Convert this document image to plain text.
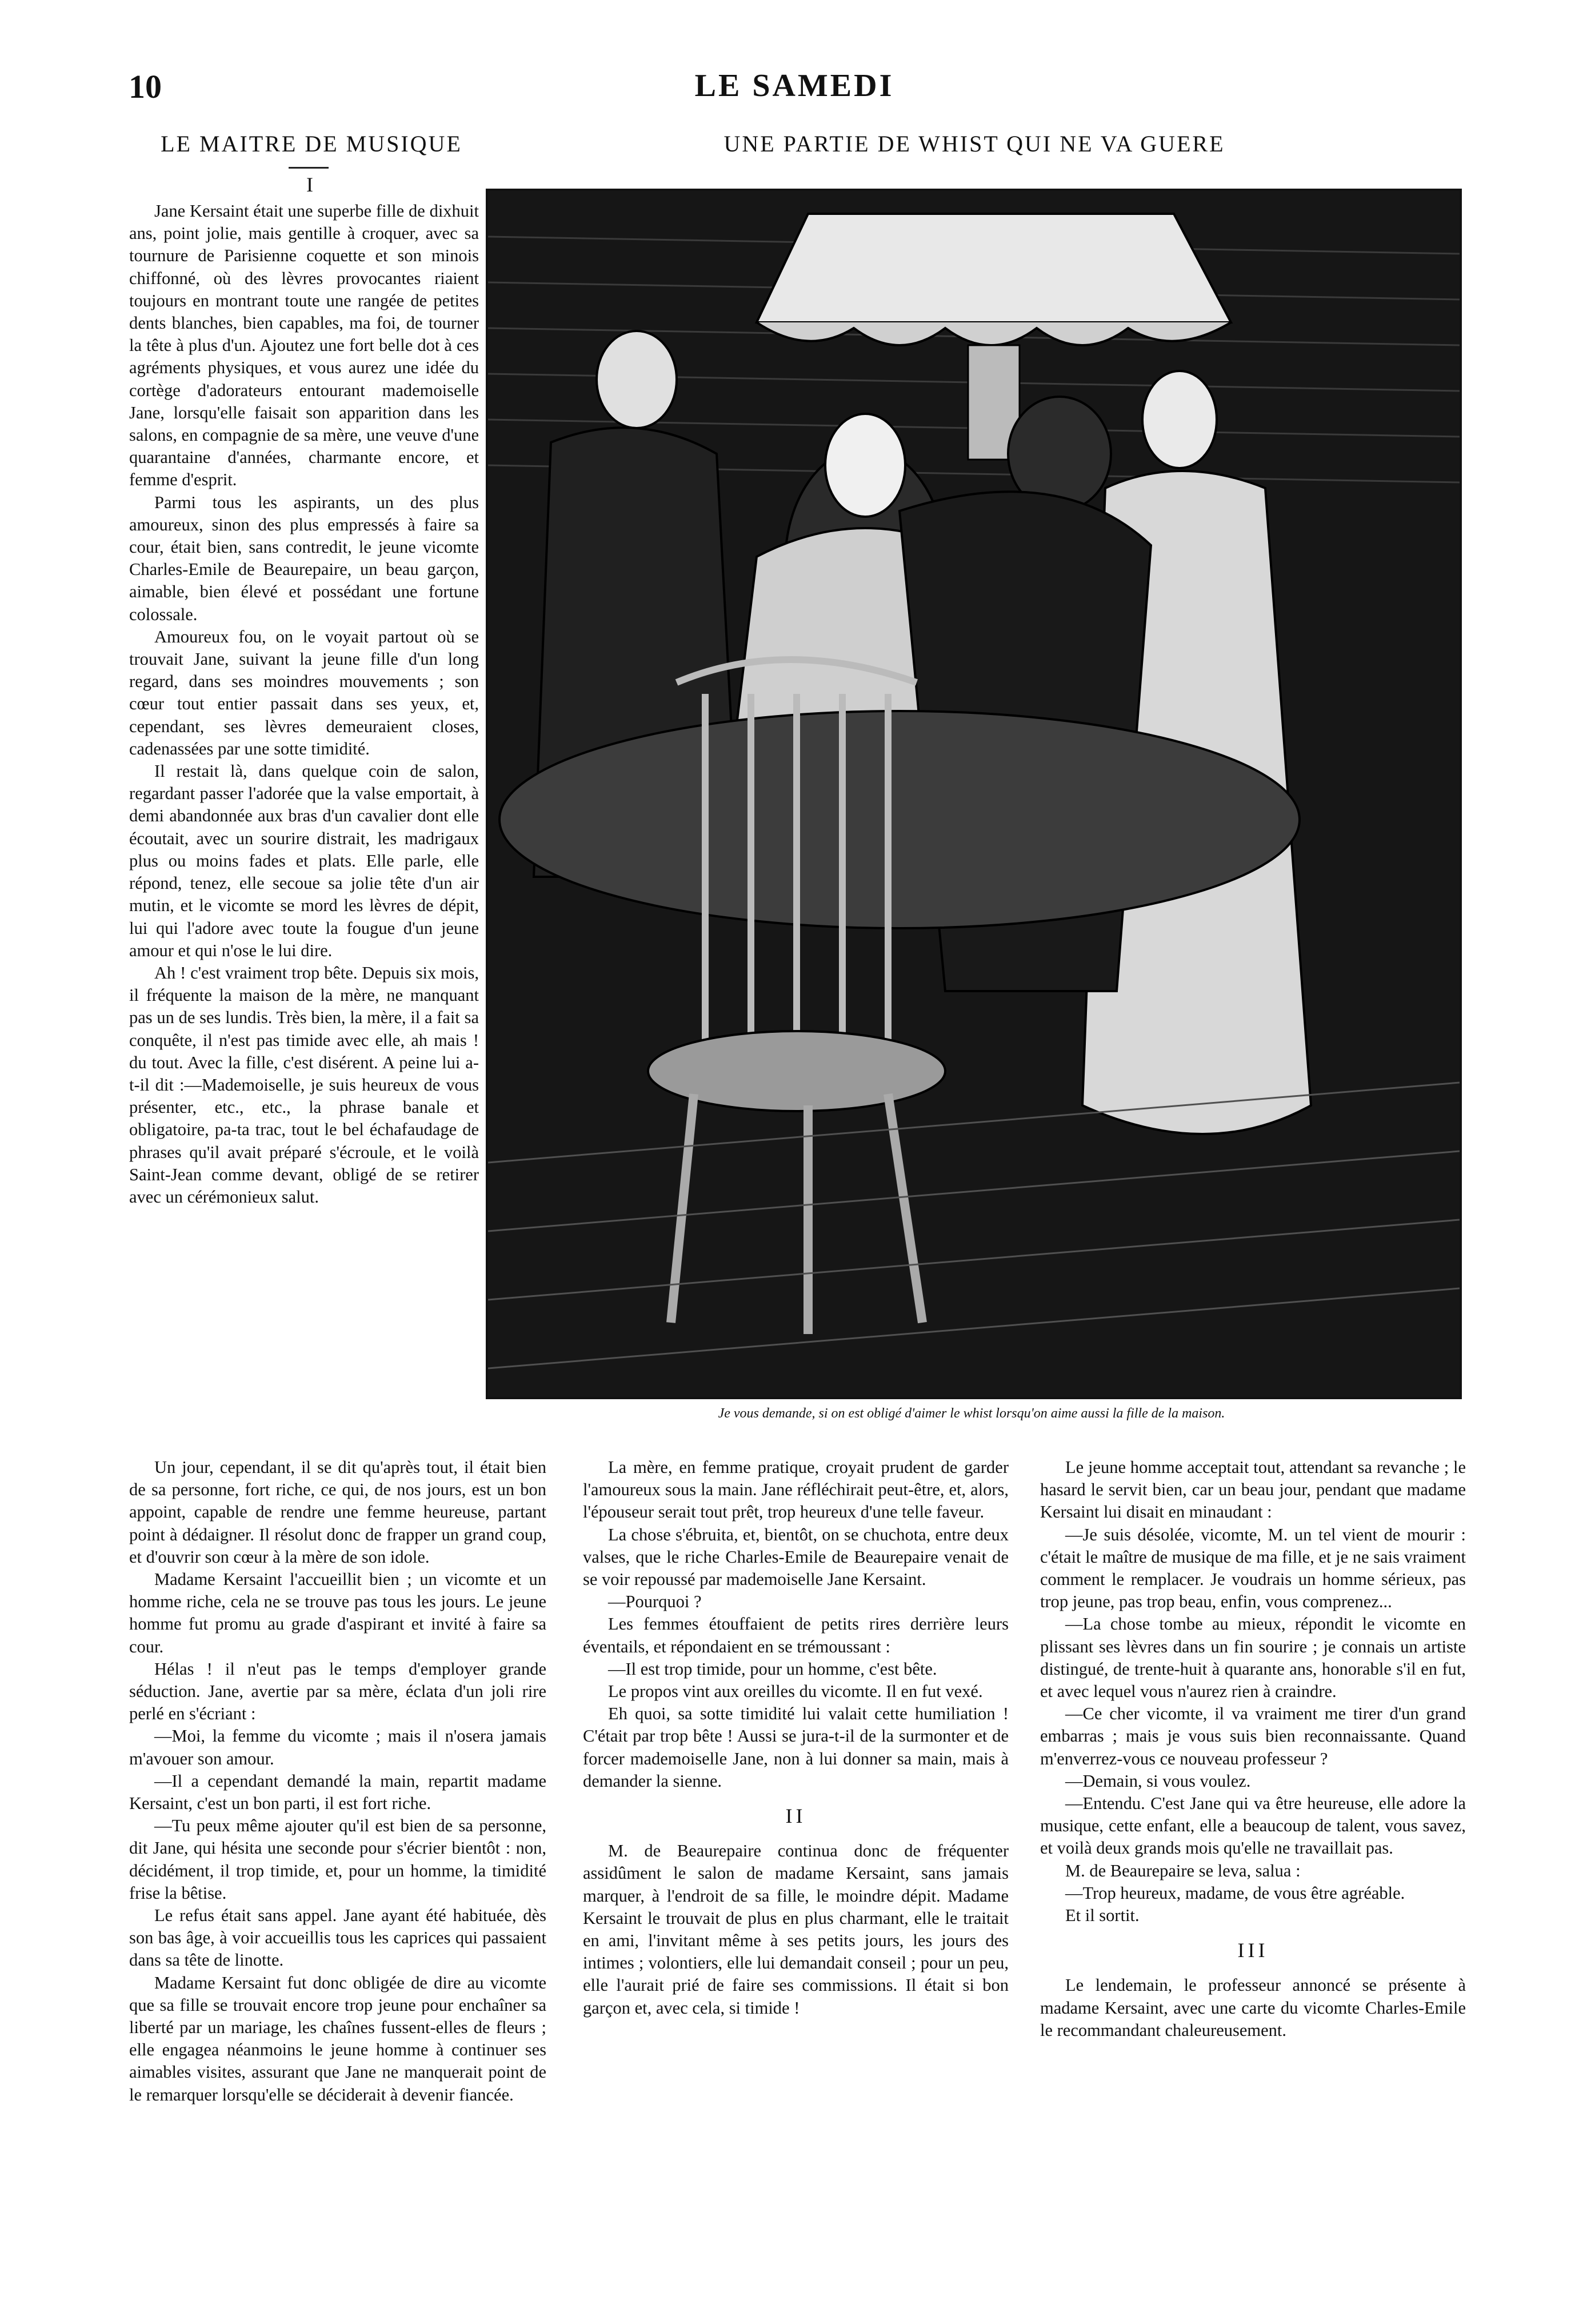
10	LE SAMEDI
LE MAITRE DE MUSIQUE
I
UNE PARTIE DE WHIST QUI NE VA GUERE
Je vous demande, si on est obligé d'aimer le whist lorsqu'on aime aussi la fille de la maison.

Jane Kersaint était une superbe fille de dixhuit ans, point jolie, mais gentille à croquer, avec sa tournure de Parisienne coquette et son minois chiffonné, où des lèvres provocantes riaient toujours en montrant toute une rangée de petites dents blanches, bien capables, ma foi, de tourner la tête à plus d'un. Ajoutez une fort belle dot à ces agréments physiques, et vous aurez une idée du cortège d'adorateurs entourant mademoiselle Jane, lorsqu'elle faisait son apparition dans les salons, en compagnie de sa mère, une veuve d'une quarantaine d'années, charmante encore, et femme d'esprit.

Parmi tous les aspirants, un des plus amoureux, sinon des plus empressés à faire sa cour, était bien, sans contredit, le jeune vicomte Charles-Emile de Beaurepaire, un beau garçon, aimable, bien élevé et possédant une fortune colossale.

Amoureux fou, on le voyait partout où se trouvait Jane, suivant la jeune fille d'un long regard, dans ses moindres mouvements ; son cœur tout entier passait dans ses yeux, et, cependant, ses lèvres demeuraient closes, cadenassées par une sotte timidité.

Il restait là, dans quelque coin de salon, regardant passer l'adorée que la valse emportait, à demi abandonnée aux bras d'un cavalier dont elle écoutait, avec un sourire distrait, les madrigaux plus ou moins fades et plats. Elle parle, elle répond, tenez, elle secoue sa jolie tête d'un air mutin, et le vicomte se mord les lèvres de dépit, lui qui l'adore avec toute la fougue d'un jeune amour et qui n'ose le lui dire.

Ah ! c'est vraiment trop bête. Depuis six mois, il fréquente la maison de la mère, ne manquant pas un de ses lundis. Très bien, la mère, il a fait sa conquête, il n'est pas timide avec elle, ah mais ! du tout. Avec la fille, c'est disérent. A peine lui a-t-il dit :—Mademoiselle, je suis heureux de vous présenter, etc., etc., la phrase banale et obligatoire, pa-ta trac, tout le bel échafaudage de phrases qu'il avait préparé s'écroule, et le voilà Saint-Jean comme devant, obligé de se retirer avec un cérémonieux salut.

Un jour, cependant, il se dit qu'après tout, il était bien de sa personne, fort riche, ce qui, de nos jours, est un bon appoint, capable de rendre une femme heureuse, partant point à dédaigner. Il résolut donc de frapper un grand coup, et d'ouvrir son cœur à la mère de son idole.

Madame Kersaint l'accueillit bien ; un vicomte et un homme riche, cela ne se trouve pas tous les jours. Le jeune homme fut promu au grade d'aspirant et invité à faire sa cour.

Hélas ! il n'eut pas le temps d'employer grande séduction. Jane, avertie par sa mère, éclata d'un joli rire perlé en s'écriant :

—Moi, la femme du vicomte ; mais il n'osera jamais m'avouer son amour.

—Il a cependant demandé la main, repartit madame Kersaint, c'est un bon parti, il est fort riche.

—Tu peux même ajouter qu'il est bien de sa personne, dit Jane, qui hésita une seconde pour s'écrier bientôt : non, décidément, il trop timide, et, pour un homme, la timidité frise la bêtise.

Le refus était sans appel. Jane ayant été habituée, dès son bas âge, à voir accueillis tous les caprices qui passaient dans sa tête de linotte.

Madame Kersaint fut donc obligée de dire au vicomte que sa fille se trouvait encore trop jeune pour enchaîner sa liberté par un mariage, les chaînes fussent-elles de fleurs ; elle engagea néanmoins le jeune homme à continuer ses aimables visites, assurant que Jane ne manquerait point de le remarquer lorsqu'elle se déciderait à devenir fiancée.

La mère, en femme pratique, croyait prudent de garder l'amoureux sous la main. Jane réfléchirait peut-être, et, alors, l'épouseur serait tout prêt, trop heureux d'une telle faveur.

La chose s'ébruita, et, bientôt, on se chuchota, entre deux valses, que le riche Charles-Emile de Beaurepaire venait de se voir repoussé par mademoiselle Jane Kersaint.

—Pourquoi ?

Les femmes étouffaient de petits rires derrière leurs éventails, et répondaient en se trémoussant :

—Il est trop timide, pour un homme, c'est bête.

Le propos vint aux oreilles du vicomte. Il en fut vexé.

Eh quoi, sa sotte timidité lui valait cette humiliation ! C'était par trop bête ! Aussi se jura-t-il de la surmonter et de forcer mademoiselle Jane, non à lui donner sa main, mais à demander la sienne.

II

M. de Beaurepaire continua donc de fréquenter assidûment le salon de madame Kersaint, sans jamais marquer, à l'endroit de sa fille, le moindre dépit. Madame Kersaint le trouvait de plus en plus charmant, elle le traitait en ami, l'invitant même à ses petits jours, les jours des intimes ; volontiers, elle lui demandait conseil ; pour un peu, elle l'aurait prié de faire ses commissions. Il était si bon garçon et, avec cela, si timide !

Le jeune homme acceptait tout, attendant sa revanche ; le hasard le servit bien, car un beau jour, pendant que madame Kersaint lui disait en minaudant :

—Je suis désolée, vicomte, M. un tel vient de mourir : c'était le maître de musique de ma fille, et je ne sais vraiment comment le remplacer. Je voudrais un homme sérieux, pas trop jeune, pas trop beau, enfin, vous comprenez...

—La chose tombe au mieux, répondit le vicomte en plissant ses lèvres dans un fin sourire ; je connais un artiste distingué, de trente-huit à quarante ans, honorable s'il en fut, et avec lequel vous n'aurez rien à craindre.

—Ce cher vicomte, il va vraiment me tirer d'un grand embarras ; mais je vous suis bien reconnaissante. Quand m'enverrez-vous ce nouveau professeur ?

—Demain, si vous voulez.

—Entendu. C'est Jane qui va être heureuse, elle adore la musique, cette enfant, elle a beaucoup de talent, vous savez, et voilà deux grands mois qu'elle ne travaillait pas.

M. de Beaurepaire se leva, salua :

—Trop heureux, madame, de vous être agréable.

Et il sortit.

III

Le lendemain, le professeur annoncé se présente à madame Kersaint, avec une carte du vicomte Charles-Emile le recommandant chaleureusement.
